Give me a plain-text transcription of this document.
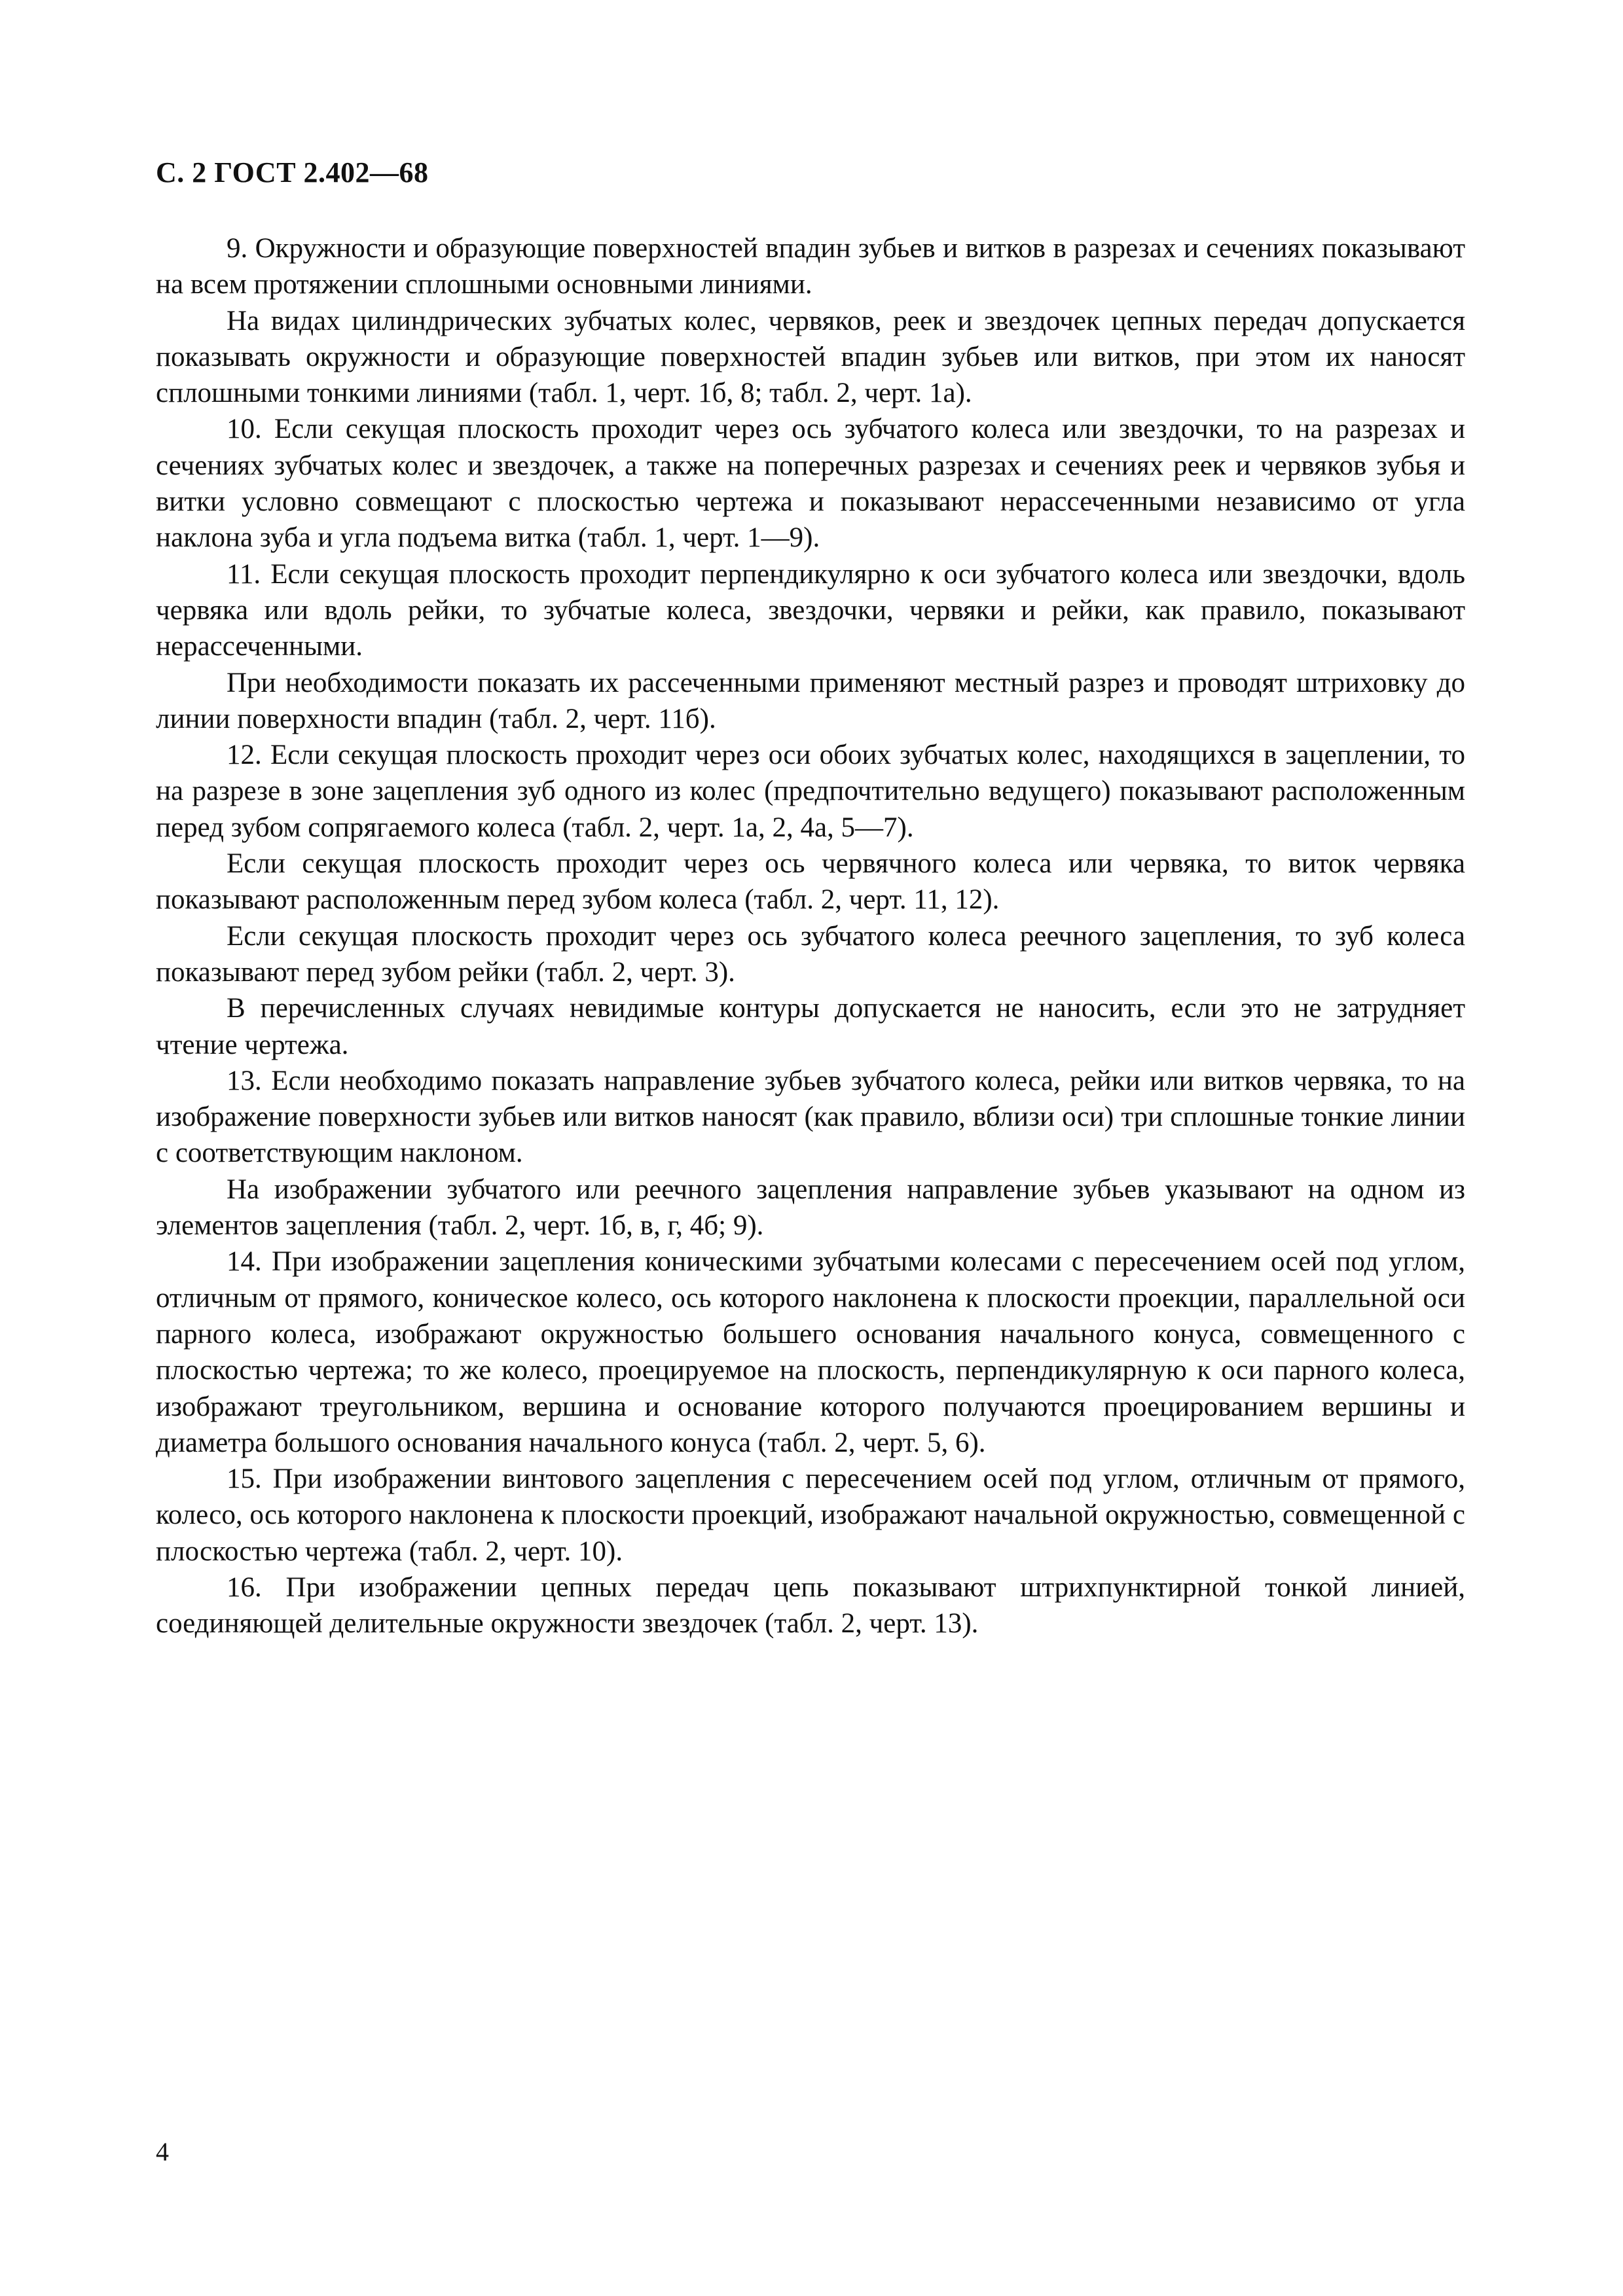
С. 2 ГОСТ 2.402—68

9. Окружности и образующие поверхностей впадин зубьев и витков в разрезах и сечениях показывают на всем протяжении сплошными основными линиями.

На видах цилиндрических зубчатых колес, червяков, реек и звездочек цепных передач допускается показывать окружности и образующие поверхностей впадин зубьев или витков, при этом их наносят сплошными тонкими линиями (табл. 1, черт. 1б, 8; табл. 2, черт. 1а).

10. Если секущая плоскость проходит через ось зубчатого колеса или звездочки, то на разрезах и сечениях зубчатых колес и звездочек, а также на поперечных разрезах и сечениях реек и червяков зубья и витки условно совмещают с плоскостью чертежа и показывают нерассеченными независимо от угла наклона зуба и угла подъема витка (табл. 1, черт. 1—9).

11. Если секущая плоскость проходит перпендикулярно к оси зубчатого колеса или звездочки, вдоль червяка или вдоль рейки, то зубчатые колеса, звездочки, червяки и рейки, как правило, показывают нерассеченными.

При необходимости показать их рассеченными применяют местный разрез и проводят штриховку до линии поверхности впадин (табл. 2, черт. 11б).

12. Если секущая плоскость проходит через оси обоих зубчатых колес, находящихся в зацеплении, то на разрезе в зоне зацепления зуб одного из колес (предпочтительно ведущего) показывают расположенным перед зубом сопрягаемого колеса (табл. 2, черт. 1а, 2, 4а, 5—7).

Если секущая плоскость проходит через ось червячного колеса или червяка, то виток червяка показывают расположенным перед зубом колеса (табл. 2, черт. 11, 12).

Если секущая плоскость проходит через ось зубчатого колеса реечного зацепления, то зуб колеса показывают перед зубом рейки (табл. 2, черт. 3).

В перечисленных случаях невидимые контуры допускается не наносить, если это не затрудняет чтение чертежа.

13. Если необходимо показать направление зубьев зубчатого колеса, рейки или витков червяка, то на изображение поверхности зубьев или витков наносят (как правило, вблизи оси) три сплошные тонкие линии с соответствующим наклоном.

На изображении зубчатого или реечного зацепления направление зубьев указывают на одном из элементов зацепления (табл. 2, черт. 1б, в, г, 4б; 9).

14. При изображении зацепления коническими зубчатыми колесами с пересечением осей под углом, отличным от прямого, коническое колесо, ось которого наклонена к плоскости проекции, параллельной оси парного колеса, изображают окружностью большего основания начального конуса, совмещенного с плоскостью чертежа; то же колесо, проецируемое на плоскость, перпендикулярную к оси парного колеса, изображают треугольником, вершина и основание которого получаются проецированием вершины и диаметра большого основания начального конуса (табл. 2, черт. 5, 6).

15. При изображении винтового зацепления с пересечением осей под углом, отличным от прямого, колесо, ось которого наклонена к плоскости проекций, изображают начальной окружностью, совмещенной с плоскостью чертежа (табл. 2, черт. 10).

16. При изображении цепных передач цепь показывают штрихпунктирной тонкой линией, соединяющей делительные окружности звездочек (табл. 2, черт. 13).

4
